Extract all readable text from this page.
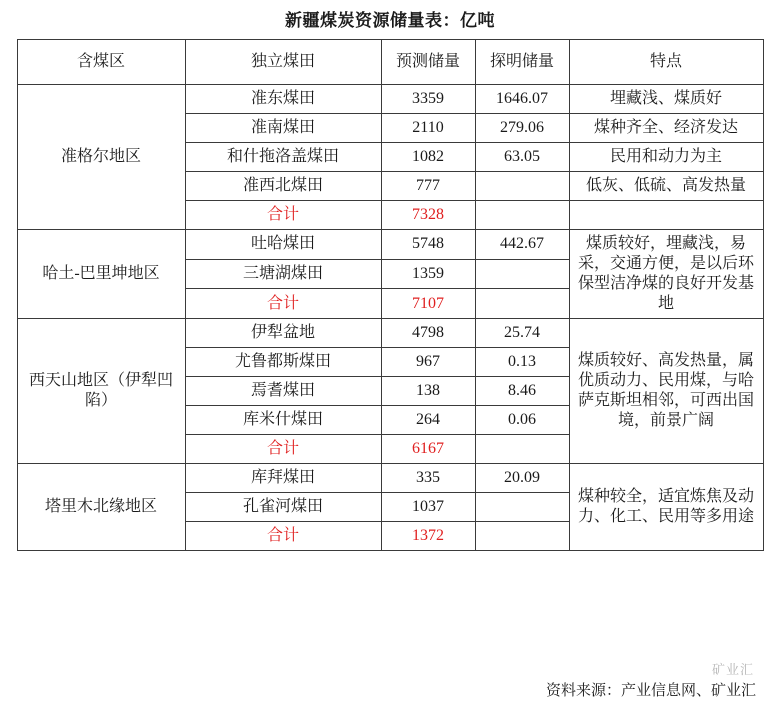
新疆煤炭资源储量表：亿吨
含煤区	独立煤田	预测储量	探明储量	特点
准格尔地区	准东煤田	3359	1646.07	埋藏浅、煤质好
	准南煤田	2110	279.06	煤种齐全、经济发达
	和什拖洛盖煤田	1082	63.05	民用和动力为主
	准西北煤田	777		低灰、低硫、高发热量
	合计	7328		
哈土-巴里坤地区	吐哈煤田	5748	442.67	煤质较好，埋藏浅，易采，交通方便，是以后环保型洁净煤的良好开发基地
	三塘湖煤田	1359		
	合计	7107		
西天山地区（伊犁凹陷）	伊犁盆地	4798	25.74	煤质较好、高发热量，属优质动力、民用煤，与哈萨克斯坦相邻，可西出国境，前景广阔
	尤鲁都斯煤田	967	0.13	
	焉耆煤田	138	8.46	
	库米什煤田	264	0.06	
	合计	6167		
塔里木北缘地区	库拜煤田	335	20.09	煤种较全，适宜炼焦及动力、化工、民用等多用途
	孔雀河煤田	1037		
	合计	1372		
矿业汇
资料来源：产业信息网、矿业汇
